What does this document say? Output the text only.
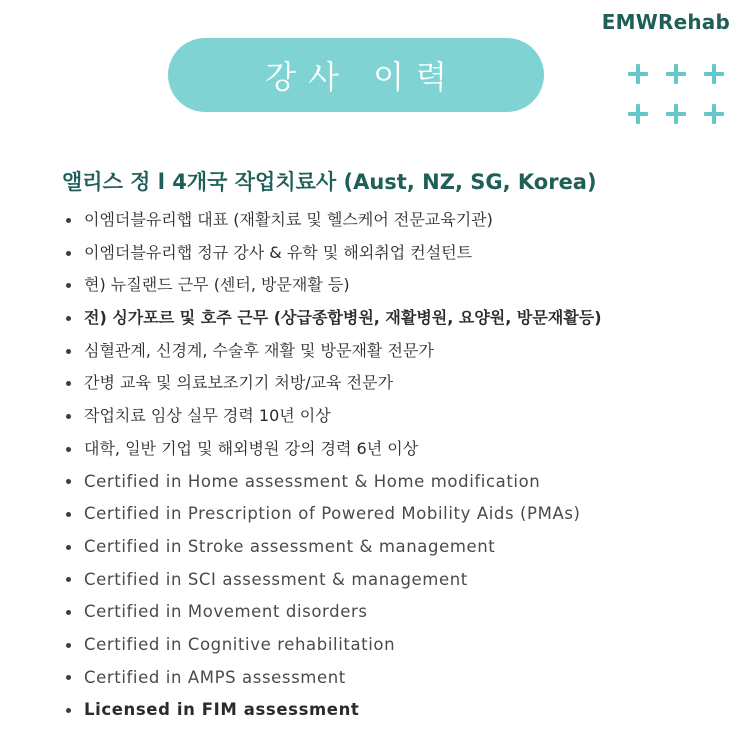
EMWRehab
강사 이력
앨리스 정 l 4개국 작업치료사 (Aust, NZ, SG, Korea)
이엠더블유리햅 대표 (재활치료 및 헬스케어 전문교육기관)
이엠더블유리햅 정규 강사 & 유학 및 해외취업 컨설턴트
현) 뉴질랜드 근무 (센터, 방문재활 등)
전) 싱가포르 및 호주 근무 (상급종합병원, 재활병원, 요양원, 방문재활등)
심혈관계, 신경계, 수술후 재활 및 방문재활 전문가
간병 교육 및 의료보조기기 처방/교육 전문가
작업치료 임상 실무 경력 10년 이상
대학, 일반 기업 및 해외병원 강의 경력 6년 이상
Certified in Home assessment & Home modification
Certified in Prescription of Powered Mobility Aids (PMAs)
Certified in Stroke assessment & management
Certified in SCI assessment & management
Certified in Movement disorders
Certified in Cognitive rehabilitation
Certified in AMPS assessment
Licensed in FIM assessment
